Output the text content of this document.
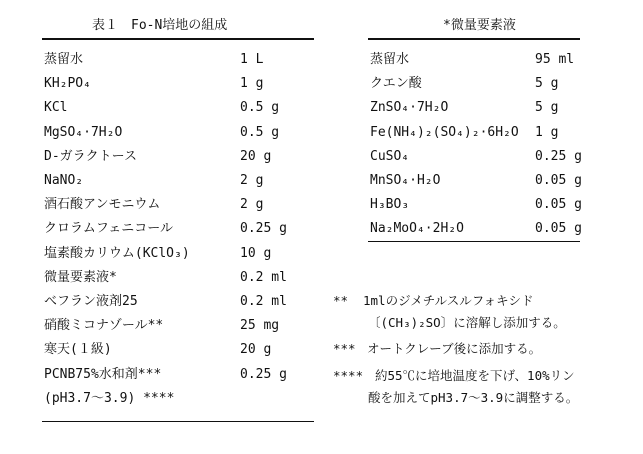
表１　Fo-N培地の組成
蒸留水	1 L
KH₂PO₄	1 g
KCl	0.5 g
MgSO₄·7H₂O	0.5 g
D-ガラクトース	20 g
NaNO₂	2 g
酒石酸アンモニウム	2 g
クロラムフェニコール	0.25 g
塩素酸カリウム(KClO₃)	10 g
微量要素液*	0.2 ml
ベフラン液剤25	0.2 ml
硝酸ミコナゾール**	25 mg
寒天(１級)	20 g
PCNB75%水和剤***	0.25 g
(pH3.7～3.9) ****
*微量要素液
蒸留水	95 ml
クエン酸	5 g
ZnSO₄·7H₂O	5 g
Fe(NH₄)₂(SO₄)₂·6H₂O 1 g
CuSO₄	0.25 g
MnSO₄·H₂O	0.05 g
H₃BO₃	0.05 g
Na₂MoO₄·2H₂O	0.05 g
** 1mlのジメチルスルフォキシド
〔(CH₃)₂SO〕に溶解し添加する。
*** オートクレーブ後に添加する。
**** 約55℃に培地温度を下げ、10%リン
酸を加えてpH3.7～3.9に調整する。
